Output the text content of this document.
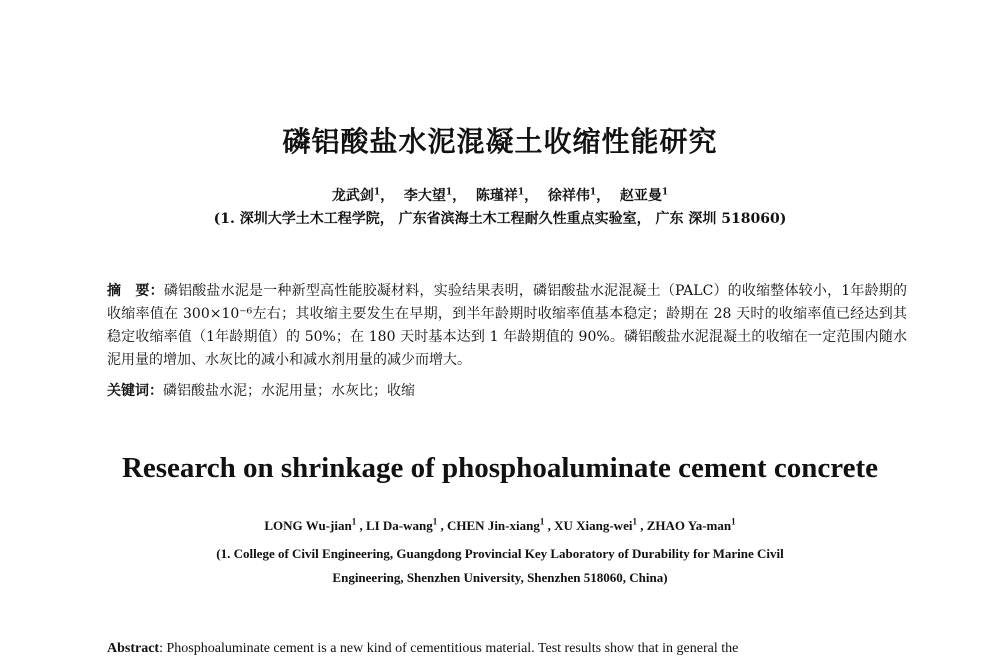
磷铝酸盐水泥混凝土收缩性能研究
龙武剑$^1$， 李大望$^1$， 陈瑾祥$^1$， 徐祥伟$^1$， 赵亚曼$^1$
(1. 深圳大学土木工程学院， 广东省滨海土木工程耐久性重点实验室， 广东 深圳 518060)
摘　要：磷铝酸盐水泥是一种新型高性能胶凝材料，实验结果表明，磷铝酸盐水泥混凝土（PALC）的收缩整体较小，1年龄期的收缩率值在 300×10⁻⁶左右；其收缩主要发生在早期，到半年龄期时收缩率值基本稳定；龄期在 28 天时的收缩率值已经达到其稳定收缩率值（1年龄期值）的 50%；在 180 天时基本达到 1 年龄期值的 90%。磷铝酸盐水泥混凝土的收缩在一定范围内随水泥用量的增加、水灰比的减小和减水剂用量的减少而增大。
关键词：磷铝酸盐水泥；水泥用量；水灰比；收缩
Research on shrinkage of phosphoaluminate cement concrete
LONG Wu-jian$^1$ , LI Da-wang$^1$ , CHEN Jin-xiang$^1$ , XU Xiang-wei$^1$ , ZHAO Ya-man$^1$
(1. College of Civil Engineering, Guangdong Provincial Key Laboratory of Durability for Marine Civil
Engineering, Shenzhen University, Shenzhen 518060, China)
Abstract: Phosphoaluminate cement is a new kind of cementitious material. Test results show that in general the
